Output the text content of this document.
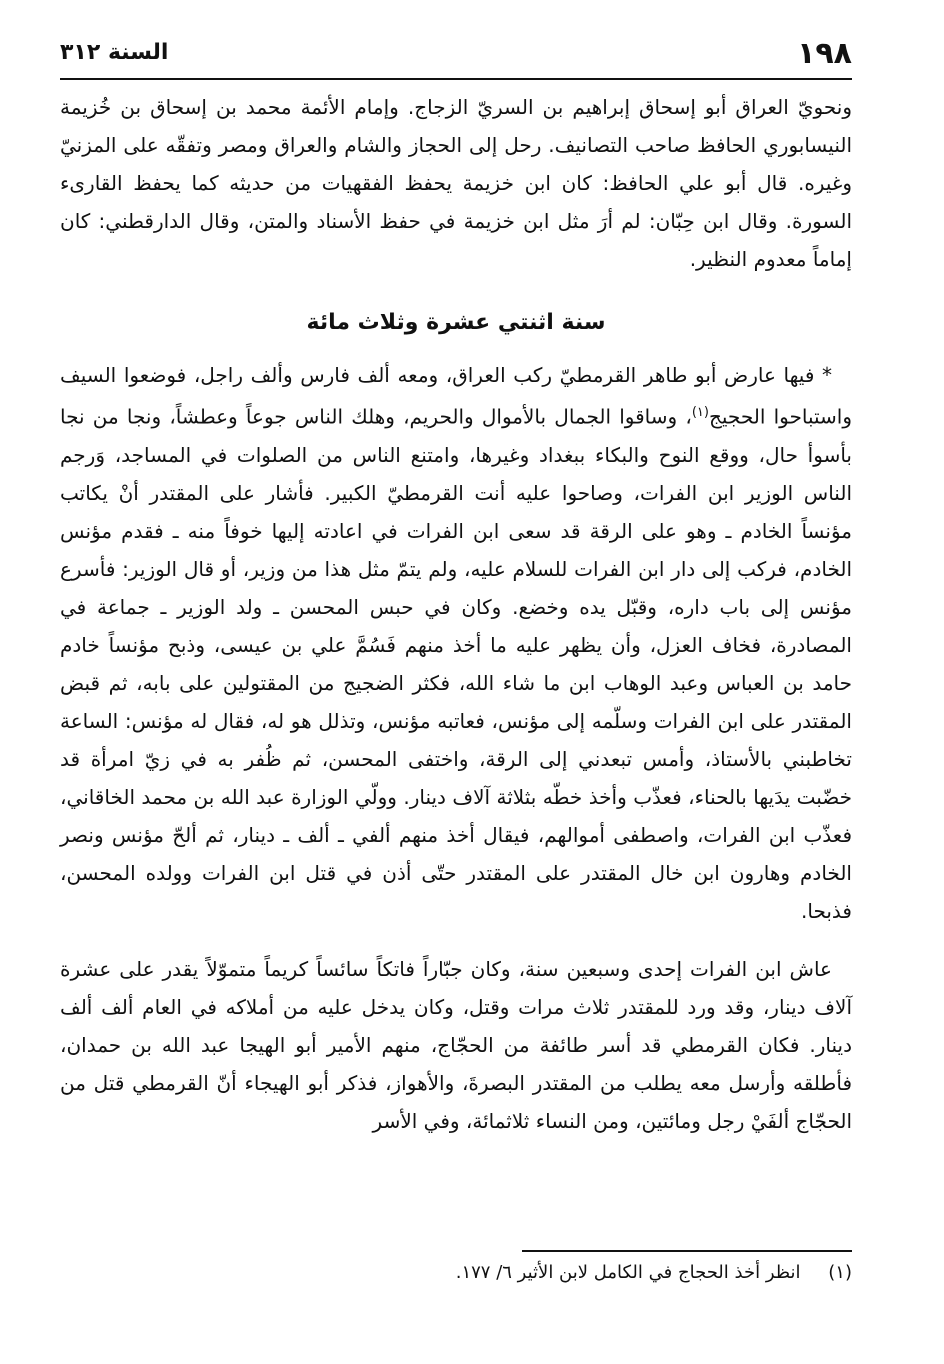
السنة ٣١٢	١٩٨

ونحويّ العراق أبو إسحاق إبراهيم بن السريّ الزجاج. وإمام الأئمة محمد بن إسحاق بن خُزيمة النيسابوري الحافظ صاحب التصانيف. رحل إلى الحجاز والشام والعراق ومصر وتفقّه على المزنيّ وغيره. قال أبو علي الحافظ: كان ابن خزيمة يحفظ الفقهيات من حديثه كما يحفظ القارىء السورة. وقال ابن حِبّان: لم أرَ مثل ابن خزيمة في حفظ الأسناد والمتن، وقال الدارقطني: كان إماماً معدوم النظير.

سنة اثنتي عشرة وثلاث مائة

* فيها عارض أبو طاهر القرمطيّ ركب العراق، ومعه ألف فارس وألف راجل، فوضعوا السيف واستباحوا الحجيج$^{(١)}$، وساقوا الجمال بالأموال والحريم، وهلك الناس جوعاً وعطشاً، ونجا من نجا بأسوأ حال، ووقع النوح والبكاء ببغداد وغيرها، وامتنع الناس من الصلوات في المساجد، وَرجم الناس الوزير ابن الفرات، وصاحوا عليه أنت القرمطيّ الكبير. فأشار على المقتدر أنْ يكاتب مؤنساً الخادم ـ وهو على الرقة قد سعى ابن الفرات في اعادته إليها خوفاً منه ـ فقدم مؤنس الخادم، فركب إلى دار ابن الفرات للسلام عليه، ولم يتمّ مثل هذا من وزير، أو قال الوزير: فأسرع مؤنس إلى باب داره، وقبّل يده وخضع. وكان في حبس المحسن ـ ولد الوزير ـ جماعة في المصادرة، فخاف العزل، وأن يظهر عليه ما أخذ منهم فَسُمَّ علي بن عيسى، وذبح مؤنساً خادم حامد بن العباس وعبد الوهاب ابن ما شاء الله، فكثر الضجيج من المقتولين على بابه، ثم قبض المقتدر على ابن الفرات وسلّمه إلى مؤنس، فعاتبه مؤنس، وتذلل هو له، فقال له مؤنس: الساعة تخاطبني بالأستاذ، وأمس تبعدني إلى الرقة، واختفى المحسن، ثم ظُفر به في زيّ امرأة قد خضّبت يدَيها بالحناء، فعذّب وأخذ خطّه بثلاثة آلاف دينار. وولّي الوزارة عبد الله بن محمد الخاقاني، فعذّب ابن الفرات، واصطفى أموالهم، فيقال أخذ منهم ألفي ـ ألف ـ دينار، ثم ألحّ مؤنس ونصر الخادم وهارون ابن خال المقتدر على المقتدر حتّى أذن في قتل ابن الفرات وولده المحسن، فذبحا.

عاش ابن الفرات إحدى وسبعين سنة، وكان جبّاراً فاتكاً سائساً كريماً متموّلاً يقدر على عشرة آلاف دينار، وقد ورد للمقتدر ثلاث مرات وقتل، وكان يدخل عليه من أملاكه في العام ألف ألف دينار. فكان القرمطي قد أسر طائفة من الحجّاج، منهم الأمير أبو الهيجا عبد الله بن حمدان، فأطلقه وأرسل معه يطلب من المقتدر البصرةَ، والأهواز، فذكر أبو الهيجاء أنّ القرمطي قتل من الحجّاج ألفَيْ رجل ومائتين، ومن النساء ثلاثمائة، وفي الأسر

(١) انظر أخذ الحجاج في الكامل لابن الأثير ٦/ ١٧٧.
